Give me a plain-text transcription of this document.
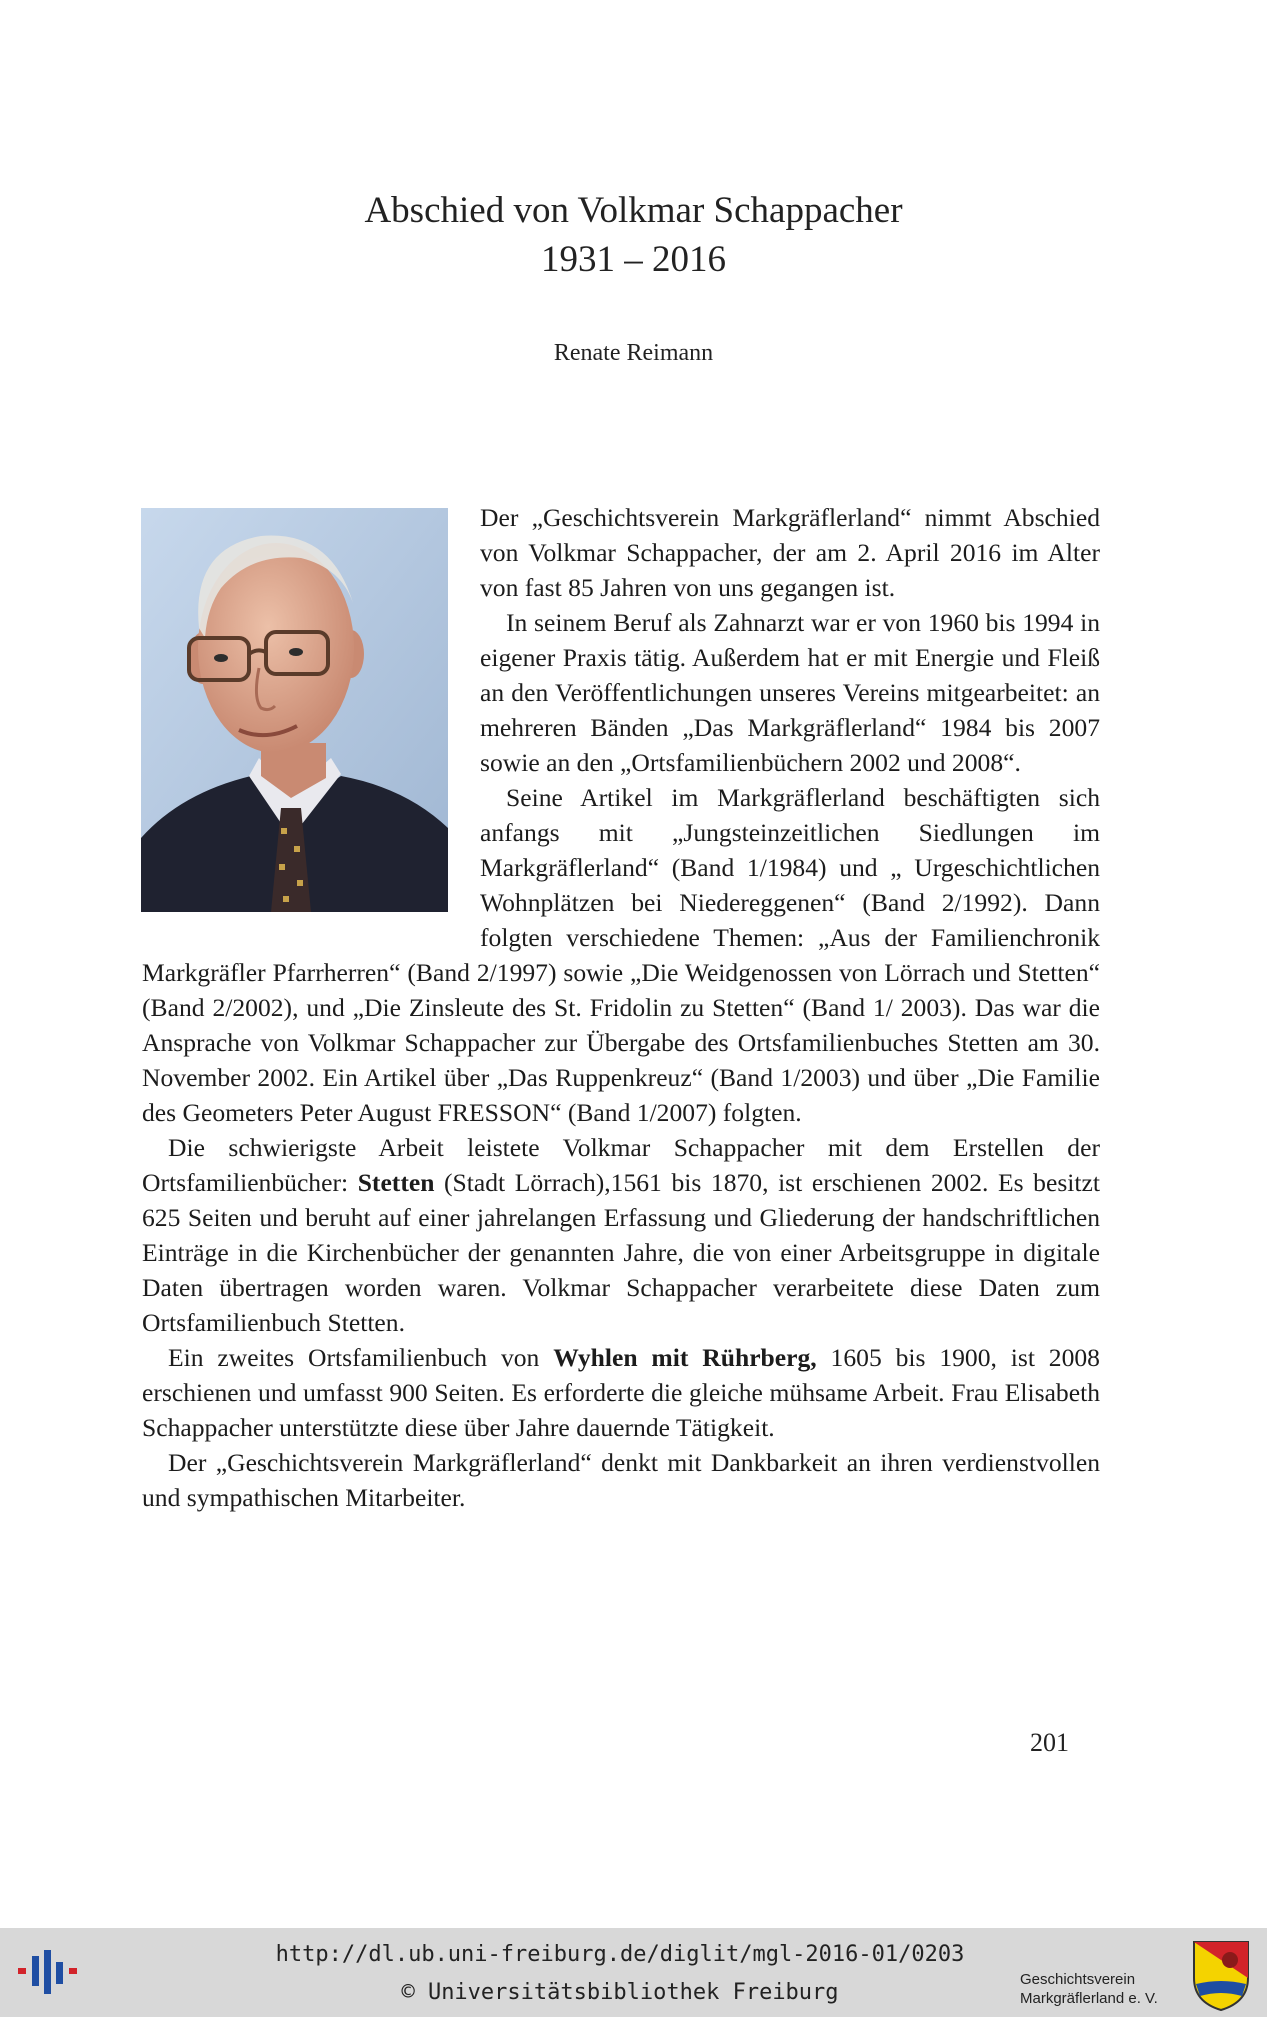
Abschied von Volkmar Schappacher
1931 – 2016
Renate Reimann

Der „Geschichtsverein Markgräflerland“ nimmt Abschied von Volkmar Schappacher, der am 2. April 2016 im Alter von fast 85 Jahren von uns gegangen ist.

In seinem Beruf als Zahnarzt war er von 1960 bis 1994 in eigener Praxis tätig. Außerdem hat er mit Energie und Fleiß an den Veröffentlichungen unseres Vereins mitgearbeitet: an mehreren Bänden „Das Markgräflerland“ 1984 bis 2007 sowie an den „Ortsfamilienbüchern 2002 und 2008“.

Seine Artikel im Markgräflerland beschäftigten sich anfangs mit „Jungsteinzeitlichen Siedlungen im Markgräflerland“ (Band 1/1984) und „ Urgeschichtlichen Wohnplätzen bei Niedereggenen“ (Band 2/1992). Dann folgten verschiedene Themen: „Aus der Familienchronik Markgräfler Pfarrherren“ (Band 2/1997) sowie „Die Weidgenossen von Lörrach und Stetten“ (Band 2/2002), und „Die Zinsleute des St. Fridolin zu Stetten“ (Band 1/ 2003). Das war die Ansprache von Volkmar Schappacher zur Übergabe des Ortsfamilienbuches Stetten am 30. November 2002. Ein Artikel über „Das Ruppenkreuz“ (Band 1/2003) und über „Die Familie des Geometers Peter August FRESSON“ (Band 1/2007) folgten.

Die schwierigste Arbeit leistete Volkmar Schappacher mit dem Erstellen der Ortsfamilienbücher: Stetten (Stadt Lörrach),1561 bis 1870, ist erschienen 2002. Es besitzt 625 Seiten und beruht auf einer jahrelangen Erfassung und Gliederung der handschriftlichen Einträge in die Kirchenbücher der genannten Jahre, die von einer Arbeitsgruppe in digitale Daten übertragen worden waren. Volkmar Schappacher verarbeitete diese Daten zum Ortsfamilienbuch Stetten.

Ein zweites Ortsfamilienbuch von Wyhlen mit Rührberg, 1605 bis 1900, ist 2008 erschienen und umfasst 900 Seiten. Es erforderte die gleiche mühsame Arbeit. Frau Elisabeth Schappacher unterstützte diese über Jahre dauernde Tätigkeit.

Der „Geschichtsverein Markgräflerland“ denkt mit Dankbarkeit an ihren verdienstvollen und sympathischen Mitarbeiter.

201
http://dl.ub.uni-freiburg.de/diglit/mgl-2016-01/0203
© Universitätsbibliothek Freiburg
Geschichtsverein
Markgräflerland e. V.
